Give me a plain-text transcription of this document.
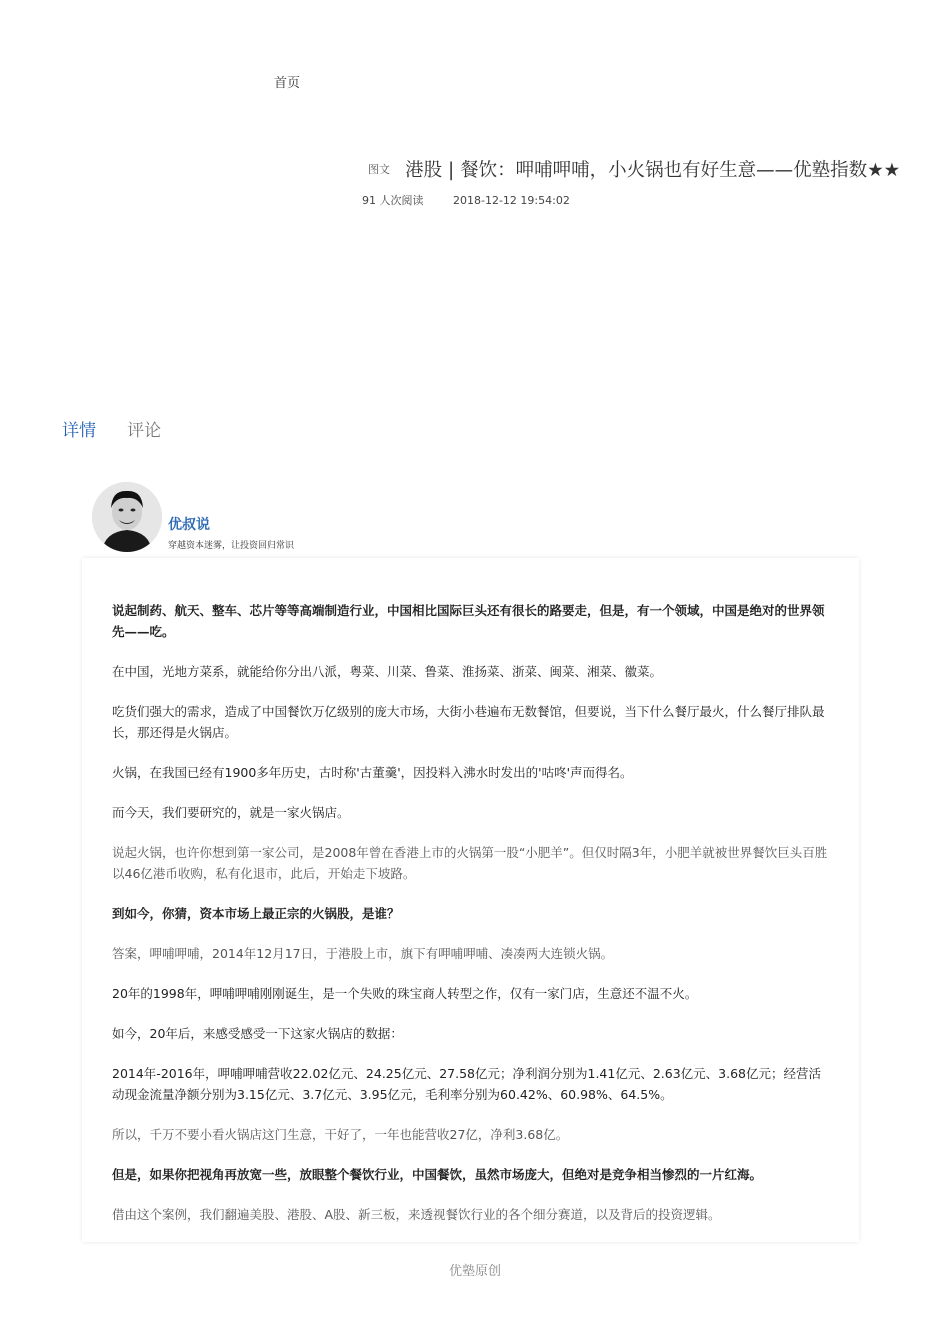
首页
图文 港股 | 餐饮：呷哺呷哺，小火锅也有好生意——优塾指数★★
91 人次阅读	2018-12-12 19:54:02
详情 评论
优叔说
穿越资本迷雾，让投资回归常识

说起制药、航天、整车、芯片等等高端制造行业，中国相比国际巨头还有很长的路要走，但是，有一个领域，中国是绝对的世界领先——吃。

在中国，光地方菜系，就能给你分出八派，粤菜、川菜、鲁菜、淮扬菜、浙菜、闽菜、湘菜、徽菜。

吃货们强大的需求，造成了中国餐饮万亿级别的庞大市场，大街小巷遍布无数餐馆，但要说，当下什么餐厅最火，什么餐厅排队最长，那还得是火锅店。

火锅，在我国已经有1900多年历史，古时称'古董羹'，因投料入沸水时发出的'咕咚'声而得名。

而今天，我们要研究的，就是一家火锅店。

说起火锅，也许你想到第一家公司，是2008年曾在香港上市的火锅第一股“小肥羊”。但仅时隔3年，小肥羊就被世界餐饮巨头百胜以46亿港币收购，私有化退市，此后，开始走下坡路。

到如今，你猜，资本市场上最正宗的火锅股，是谁？

答案，呷哺呷哺，2014年12月17日，于港股上市，旗下有呷哺呷哺、凑凑两大连锁火锅。

20年的1998年，呷哺呷哺刚刚诞生，是一个失败的珠宝商人转型之作，仅有一家门店，生意还不温不火。

如今，20年后，来感受感受一下这家火锅店的数据：

2014年-2016年，呷哺呷哺营收22.02亿元、24.25亿元、27.58亿元；净利润分别为1.41亿元、2.63亿元、3.68亿元；经营活动现金流量净额分别为3.15亿元、3.7亿元、3.95亿元，毛利率分别为60.42%、60.98%、64.5%。

所以，千万不要小看火锅店这门生意，干好了，一年也能营收27亿，净利3.68亿。

但是，如果你把视角再放宽一些，放眼整个餐饮行业，中国餐饮，虽然市场庞大，但绝对是竞争相当惨烈的一片红海。

借由这个案例，我们翻遍美股、港股、A股、新三板，来透视餐饮行业的各个细分赛道，以及背后的投资逻辑。

优塾原创
